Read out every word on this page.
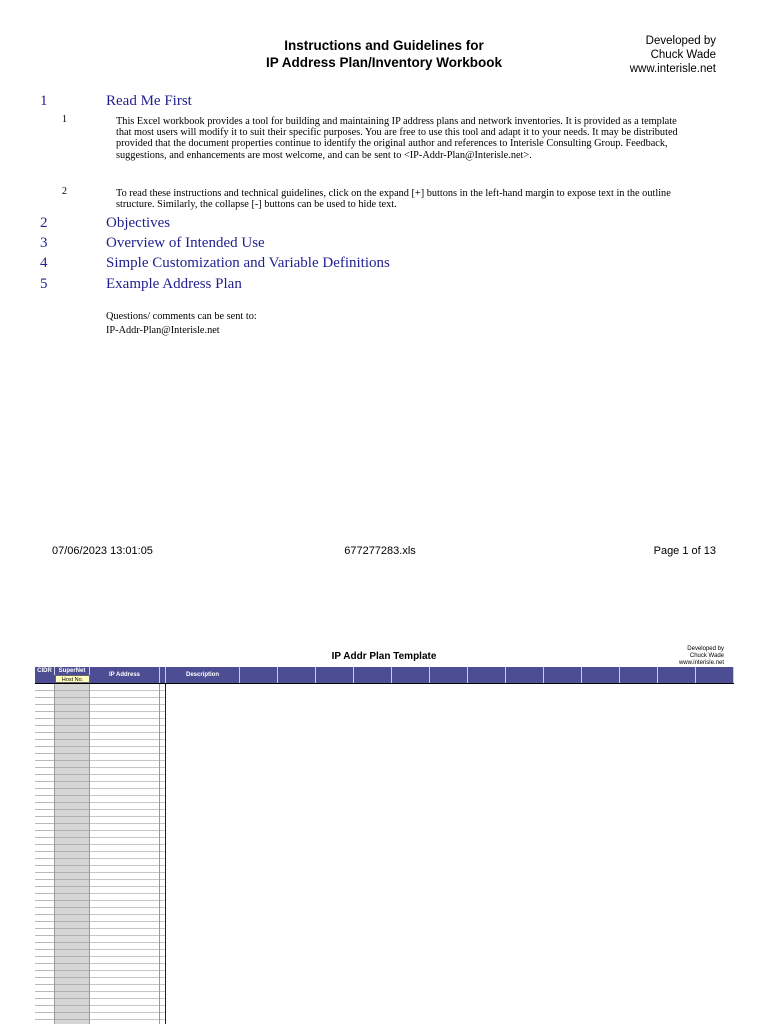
Instructions and Guidelines for
IP Address Plan/Inventory Workbook
Developed by
Chuck Wade
www.interisle.net
1	Read Me First
1	This Excel workbook provides a tool for building and maintaining IP address plans and network inventories. It is provided as a template that most users will modify it to suit their specific purposes. You are free to use this tool and adapt it to your needs. It may be distributed provided that the document properties continue to identify the original author and references to Interisle Consulting Group. Feedback, suggestions, and enhancements are most welcome, and can be sent to <IP-Addr-Plan@Interisle.net>.
2	To read these instructions and technical guidelines, click on the expand [+] buttons in the left-hand margin to expose text in the outline structure. Similarly, the collapse [-] buttons can be used to hide text.
2	Objectives
3	Overview of Intended Use
4	Simple Customization and Variable Definitions
5	Example Address Plan
Questions/ comments can be sent to:
IP-Addr-Plan@Interisle.net
07/06/2023 13:01:05	677277283.xls	Page 1 of 13
IP Addr Plan Template
Developed by
Chuck Wade
www.interisle.net
CIDR	SuperNet
Host No.
IP Address	Description
